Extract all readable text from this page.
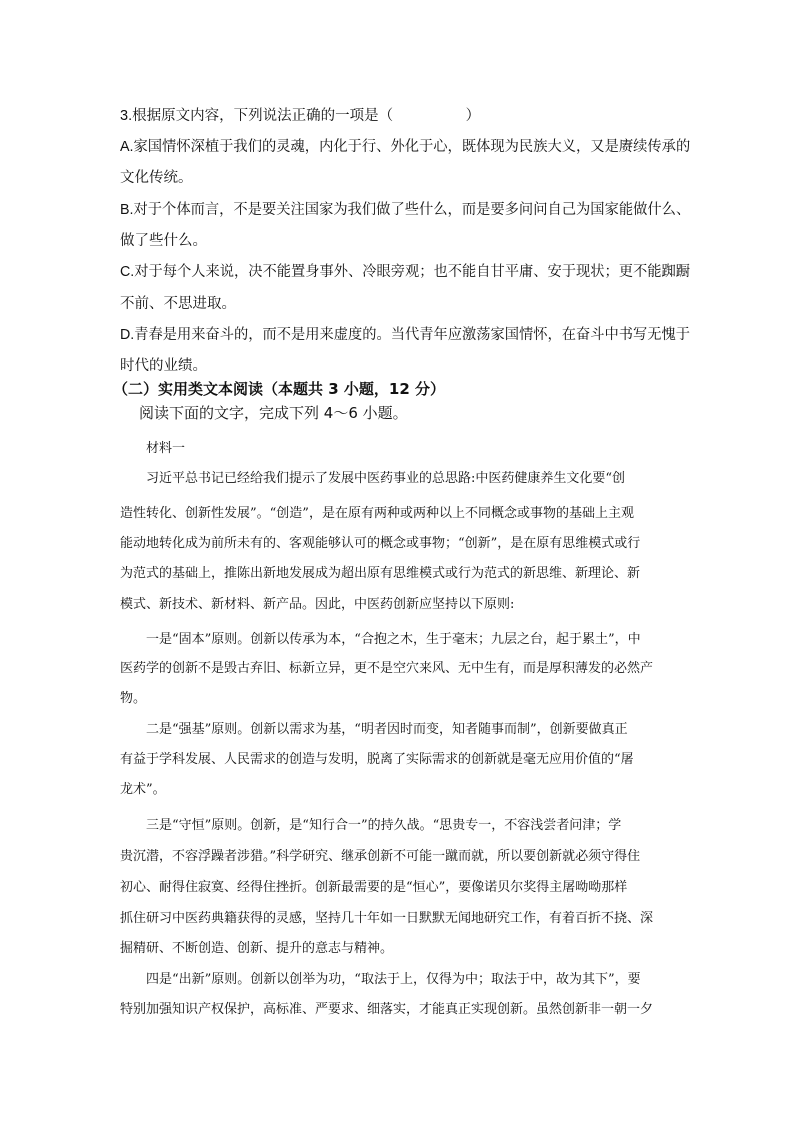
3.根据原文内容，下列说法正确的一项是（　　　　　）
A.家国情怀深植于我们的灵魂，内化于行、外化于心，既体现为民族大义，又是赓续传承的
文化传统。
B.对于个体而言，不是要关注国家为我们做了些什么，而是要多问问自己为国家能做什么、
做了些什么。
C.对于每个人来说，决不能置身事外、冷眼旁观；也不能自甘平庸、安于现状；更不能踟蹰
不前、不思进取。
D.青春是用来奋斗的，而不是用来虚度的。当代青年应激荡家国情怀，在奋斗中书写无愧于
时代的业绩。
（二）实用类文本阅读（本题共 3 小题，12 分）
阅读下面的文字，完成下列 4～6 小题。
材料一
习近平总书记已经给我们提示了发展中医药事业的总思路:中医药健康养生文化要“创
造性转化、创新性发展”。“创造”，是在原有两种或两种以上不同概念或事物的基础上主观
能动地转化成为前所未有的、客观能够认可的概念或事物；“创新”，是在原有思维模式或行
为范式的基础上，推陈出新地发展成为超出原有思维模式或行为范式的新思维、新理论、新
模式、新技术、新材料、新产品。因此，中医药创新应坚持以下原则:
一是“固本”原则。创新以传承为本，“合抱之木，生于毫末；九层之台，起于累土”，中
医药学的创新不是毁古弃旧、标新立异，更不是空穴来风、无中生有，而是厚积薄发的必然产
物。
二是“强基”原则。创新以需求为基，“明者因时而变，知者随事而制”，创新要做真正
有益于学科发展、人民需求的创造与发明，脱离了实际需求的创新就是毫无应用价值的“屠
龙术”。
三是“守恒”原则。创新，是“知行合一”的持久战。“思贵专一，不容浅尝者问津；学
贵沉潜，不容浮躁者涉猎。”科学研究、继承创新不可能一蹴而就，所以要创新就必须守得住
初心、耐得住寂寞、经得住挫折。创新最需要的是“恒心”，要像诺贝尔奖得主屠呦呦那样
抓住研习中医药典籍获得的灵感，坚持几十年如一日默默无闻地研究工作，有着百折不挠、深
掘精研、不断创造、创新、提升的意志与精神。
四是“出新”原则。创新以创举为功，“取法于上，仅得为中；取法于中，故为其下”，要
特别加强知识产权保护，高标准、严要求、细落实，才能真正实现创新。虽然创新非一朝一夕
